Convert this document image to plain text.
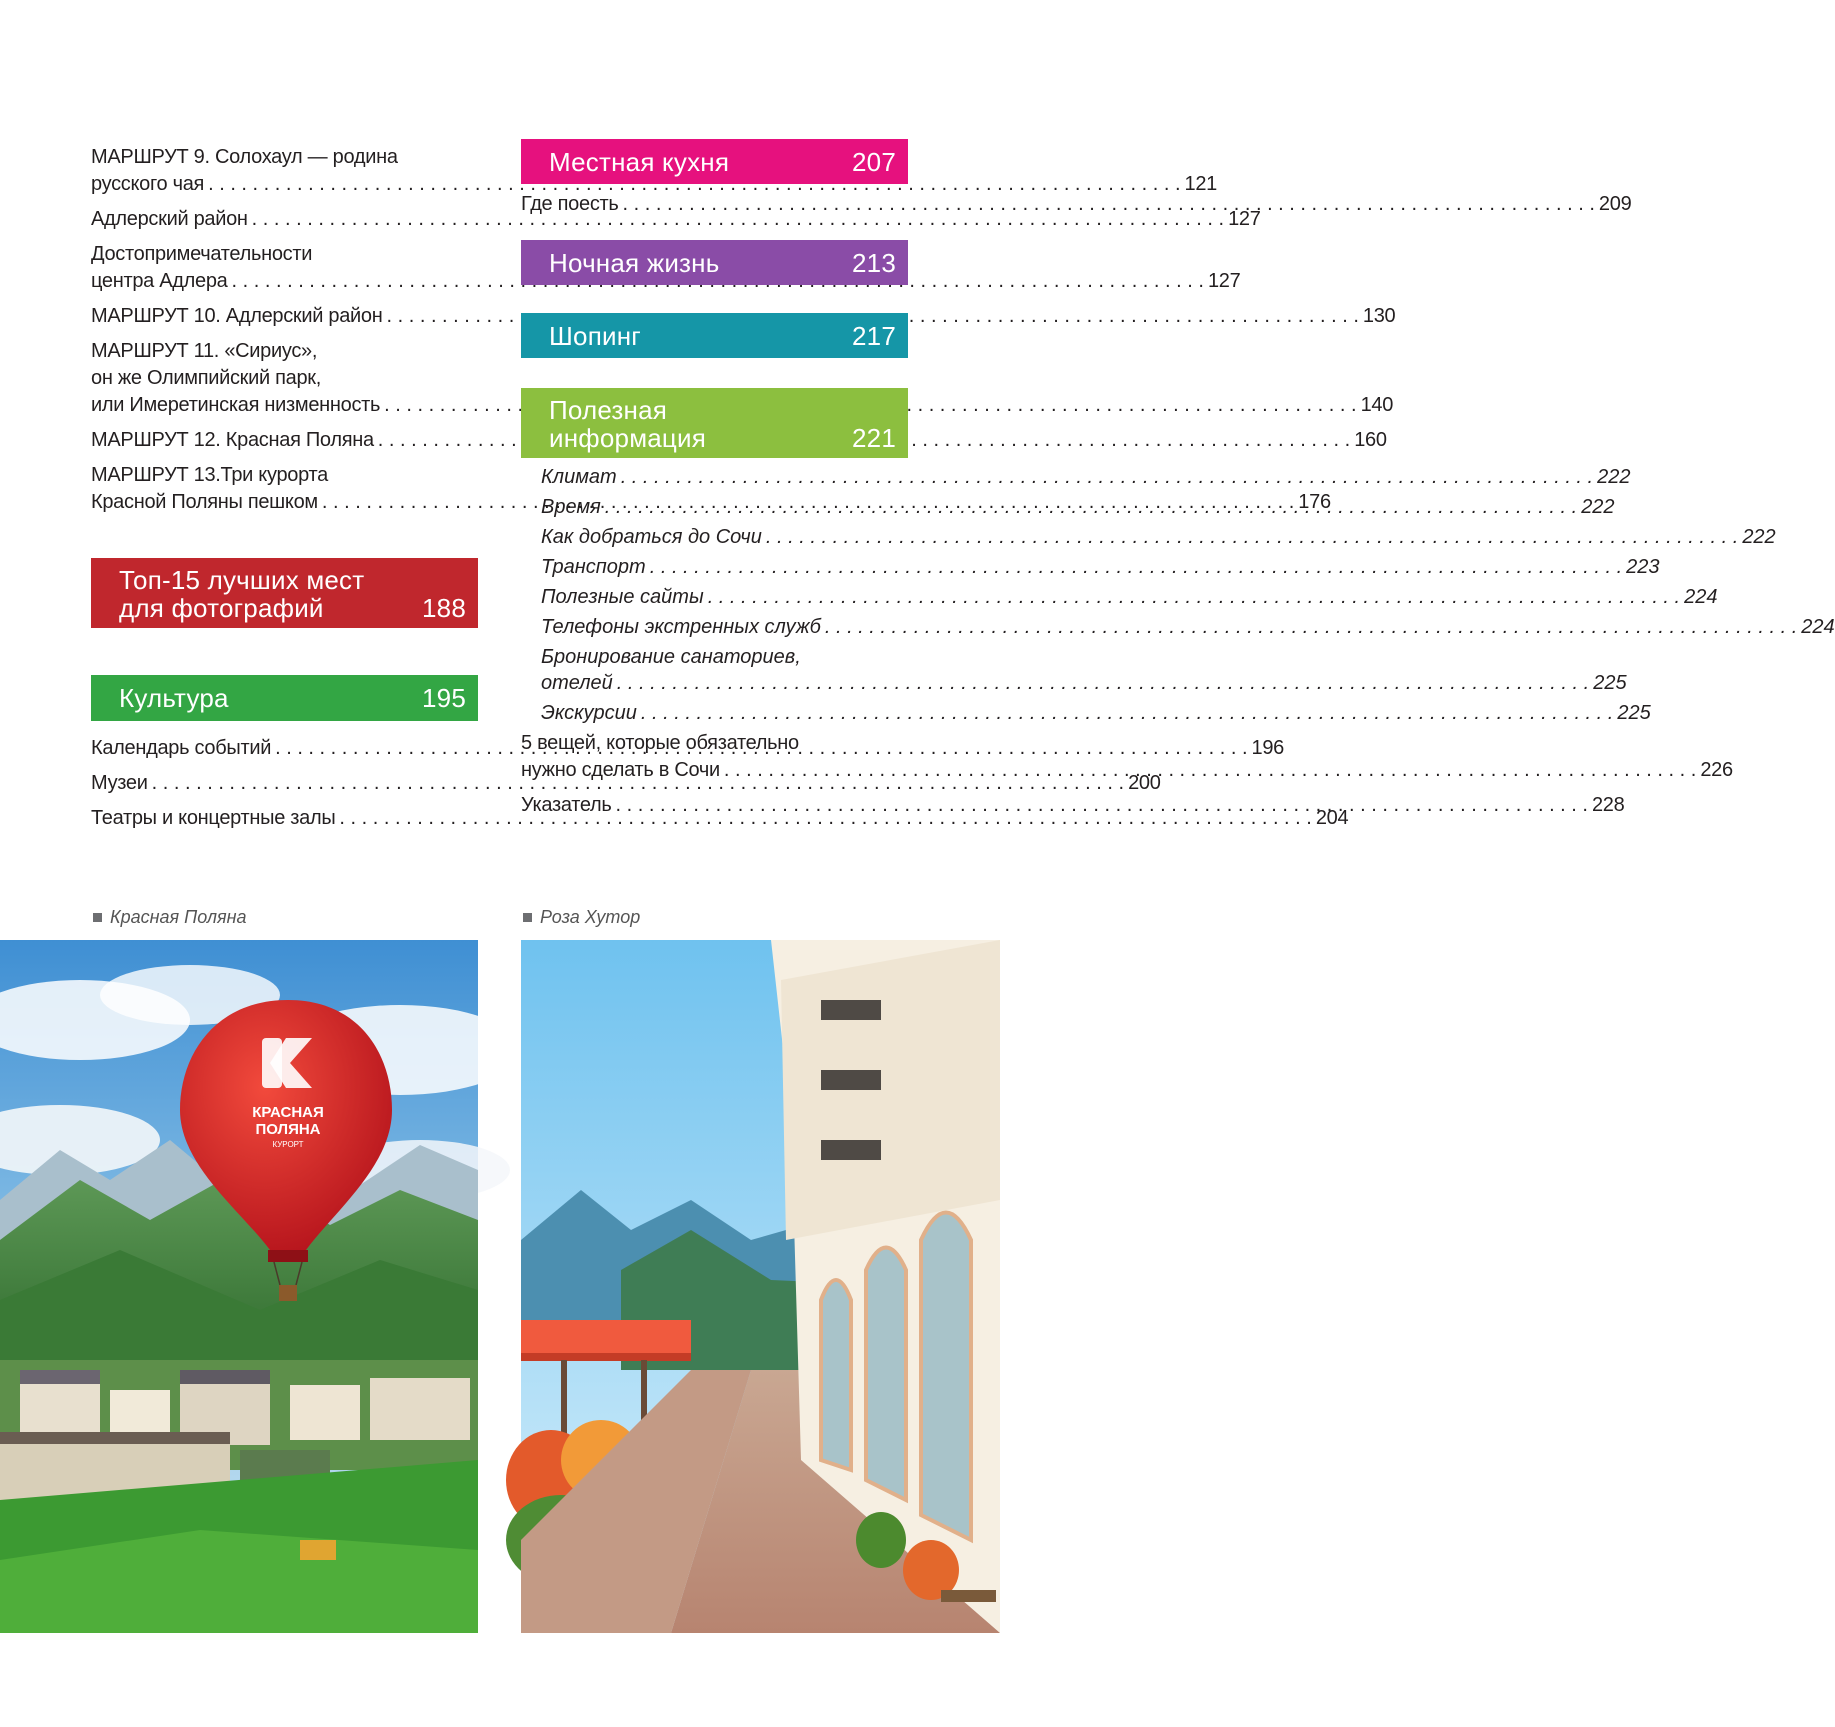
МАРШРУТ 9. Солохаул — родина
русского чая . . .	121
Адлерский район . . .	127
Достопримечательности
центра Адлера . . .	127
МАРШРУТ 10. Адлерский район . . .	130
МАРШРУТ 11. «Сириус»,
он же Олимпийский парк,
или Имеретинская низменность . . .	140
МАРШРУТ 12. Красная Поляна . . .	160
МАРШРУТ 13.Три курорта
Красной Поляны пешком . . .	176
Топ-15 лучших мест
для фотографий	188
Культура	195
Календарь событий . . .	196
Музеи . . .	200
Театры и концертные залы . . .	204
Местная кухня	207
Где поесть . . .	209
Ночная жизнь	213
Шопинг	217
Полезная
информация	221
Климат . . .	222
Время . . .	222
Как добраться до Сочи . . .	222
Транспорт . . .	223
Полезные сайты . . .	224
Телефоны экстренных служб . . .	224
Бронирование санаториев,
отелей . . .	225
Экскурсии . . .	225
5 вещей, которые обязательно
нужно сделать в Сочи . . .	226
Указатель . . .	228
Красная Поляна	Роза Хутор
КРАСНАЯ
ПОЛЯНА
КУРОРТ
